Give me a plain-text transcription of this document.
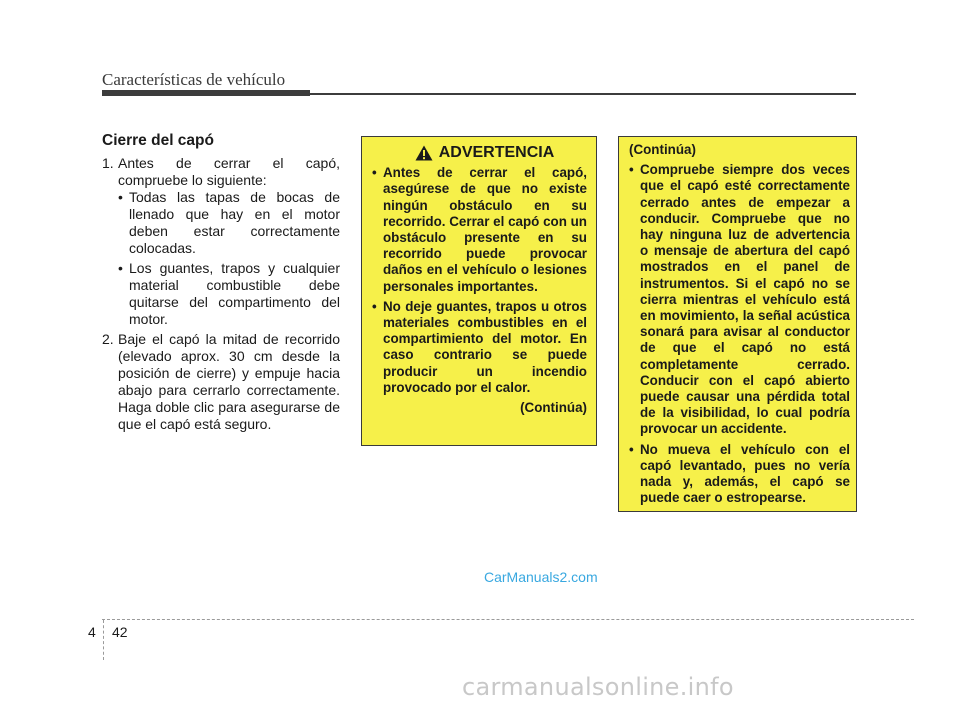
Características de vehículo
Cierre del capó
1. Antes de cerrar el capó, compruebe lo siguiente:
• Todas las tapas de bocas de llenado que hay en el motor deben estar correctamente colocadas.
• Los guantes, trapos y cualquier material combustible debe quitarse del compartimento del motor.
2. Baje el capó la mitad de recorrido (elevado aprox. 30 cm desde la posición de cierre) y empuje hacia abajo para cerrarlo correctamente. Haga doble clic para asegurarse de que el capó está seguro.
ADVERTENCIA
• Antes de cerrar el capó, asegúrese de que no existe ningún obstáculo en su recorrido. Cerrar el capó con un obstáculo presente en su recorrido puede provocar daños en el vehículo o lesiones personales importantes.
• No deje guantes, trapos u otros materiales combustibles en el compartimiento del motor. En caso contrario se puede producir un incendio provocado por el calor.
(Continúa)
(Continúa)
• Compruebe siempre dos veces que el capó esté correctamente cerrado antes de empezar a conducir. Compruebe que no hay ninguna luz de advertencia o mensaje de abertura del capó mostrados en el panel de instrumentos. Si el capó no se cierra mientras el vehículo está en movimiento, la señal acústica sonará para avisar al conductor de que el capó no está completamente cerrado. Conducir con el capó abierto puede causar una pérdida total de la visibilidad, lo cual podría provocar un accidente.
• No mueva el vehículo con el capó levantado, pues no vería nada y, además, el capó se puede caer o estropearse.
CarManuals2.com
4 42
carmanualsonline.info
